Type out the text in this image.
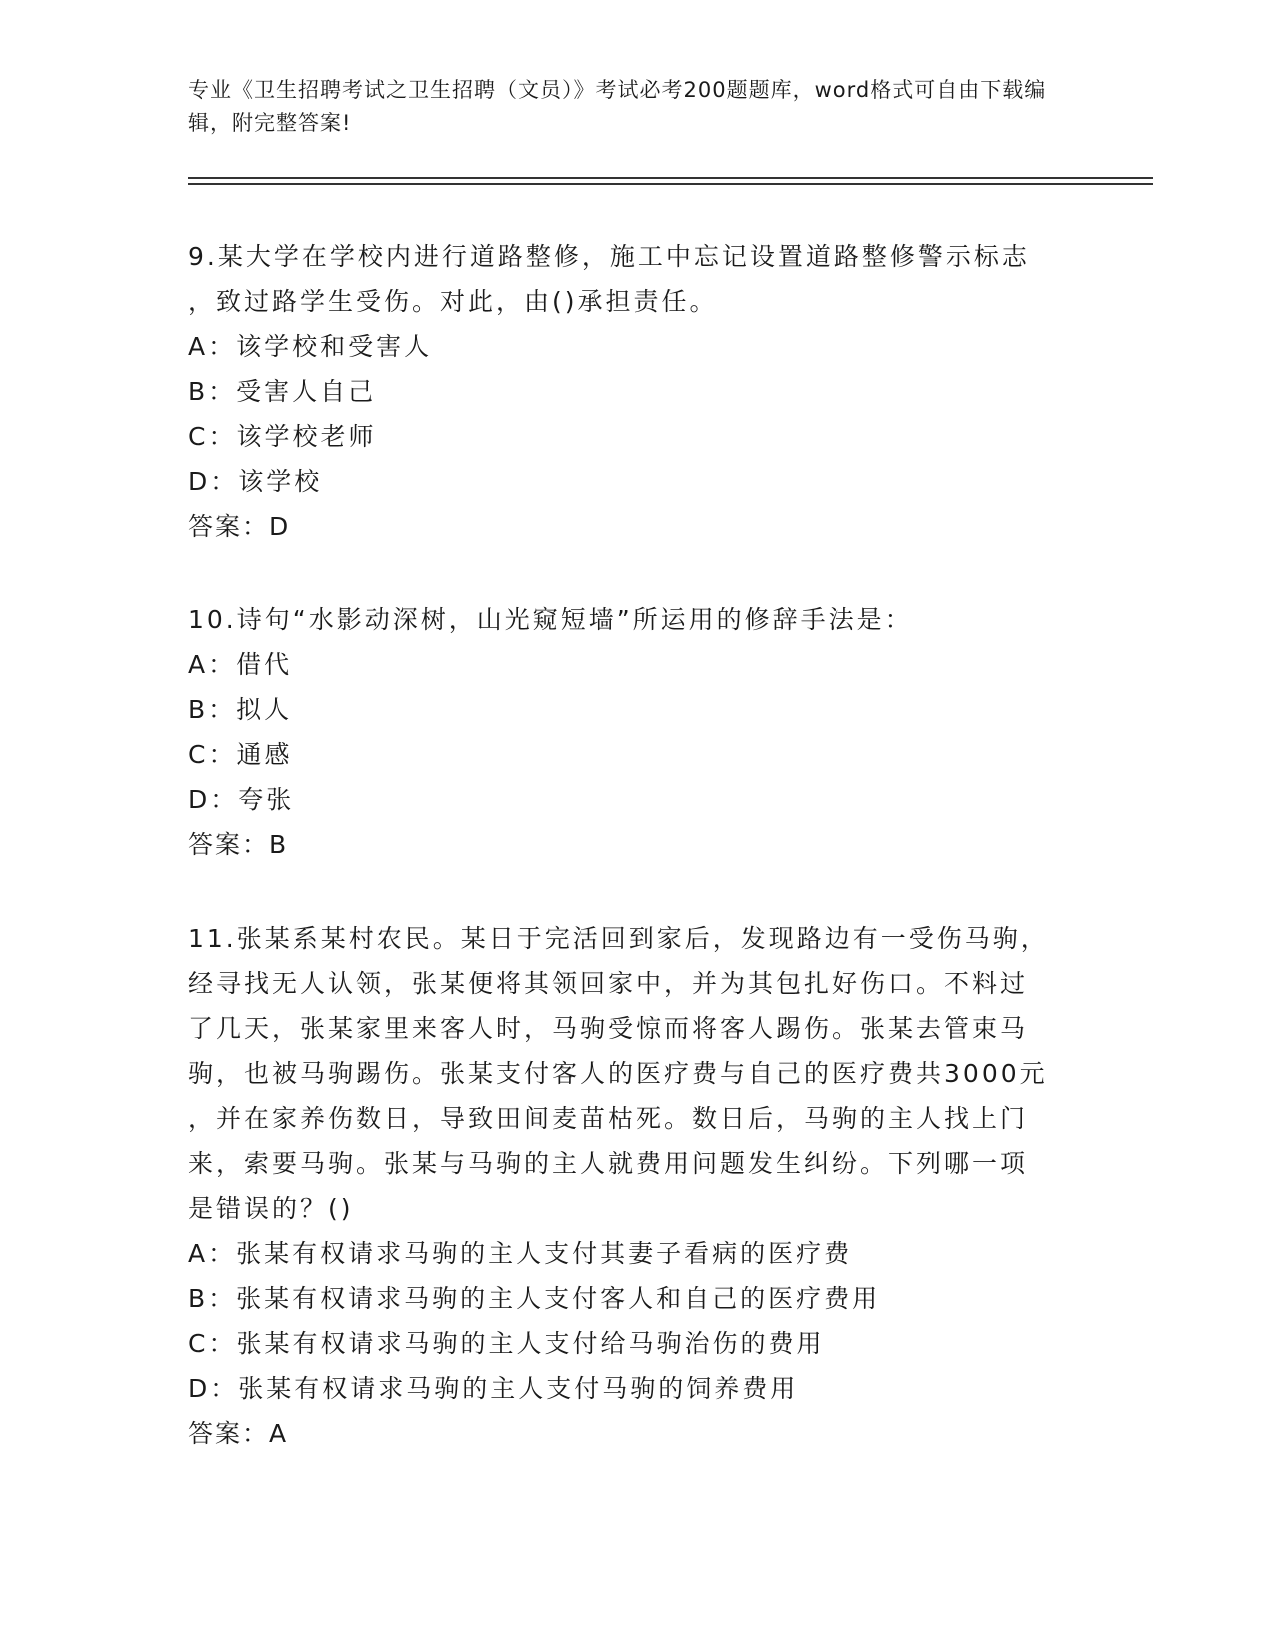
专业《卫生招聘考试之卫生招聘（文员）》考试必考200题题库，word格式可自由下载编辑，附完整答案!

9.某大学在学校内进行道路整修，施工中忘记设置道路整修警示标志

，致过路学生受伤。对此，由()承担责任。

A：该学校和受害人

B：受害人自己

C：该学校老师

D：该学校

答案：D

10.诗句“水影动深树，山光窥短墙”所运用的修辞手法是：

A：借代

B：拟人

C：通感

D：夸张

答案：B

11.张某系某村农民。某日于完活回到家后，发现路边有一受伤马驹，

经寻找无人认领，张某便将其领回家中，并为其包扎好伤口。不料过

了几天，张某家里来客人时，马驹受惊而将客人踢伤。张某去管束马

驹，也被马驹踢伤。张某支付客人的医疗费与自己的医疗费共3000元

，并在家养伤数日，导致田间麦苗枯死。数日后，马驹的主人找上门

来，索要马驹。张某与马驹的主人就费用问题发生纠纷。下列哪一项

是错误的？()

A：张某有权请求马驹的主人支付其妻子看病的医疗费

B：张某有权请求马驹的主人支付客人和自己的医疗费用

C：张某有权请求马驹的主人支付给马驹治伤的费用

D：张某有权请求马驹的主人支付马驹的饲养费用

答案：A
